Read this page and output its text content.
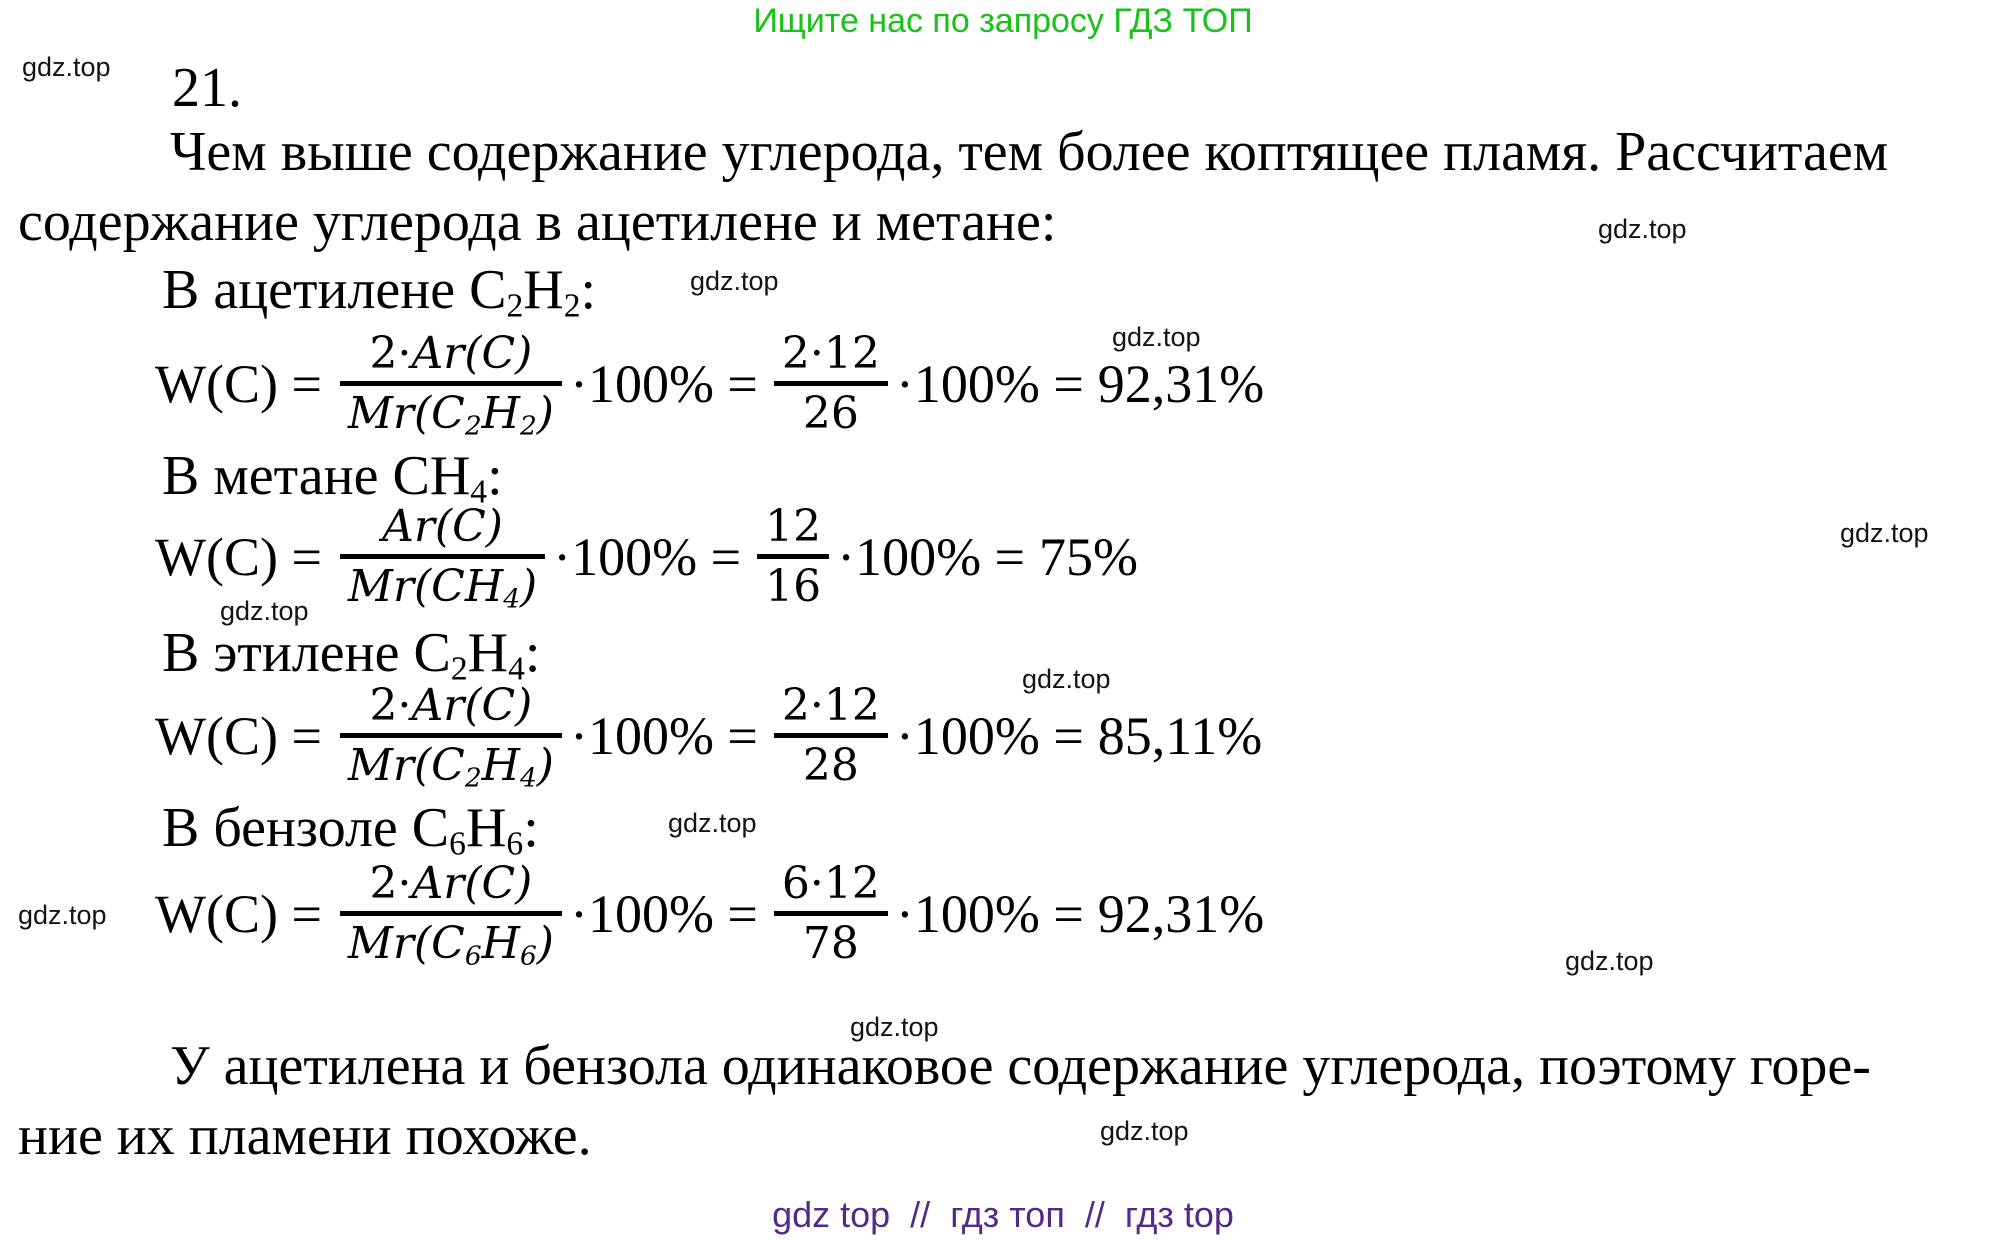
Ищите нас по запросу ГДЗ ТОП
gdz.top
gdz.top
gdz.top
gdz.top
gdz.top
gdz.top
gdz.top
gdz.top
gdz.top
gdz.top
gdz.top
gdz.top
21.
Чем выше содержание углерода, тем более коптящее пламя. Рассчитаем
содержание углерода в ацетилене и метане:
В ацетилене $C_2H_2$:
W(C) =
2·Ar(C)
$Mr(C_2H_2) \cdot 100\%$ =
2·12
26 ·100% = 92,31%
В метане $CH_4$:
W(C) =
Ar(C)
$Mr(CH_4) \cdot 100\%$ =
12
16 ·100% = 75%
В этилене $C_2H_4$:
W(C) =
2·Ar(C)
$Mr(C_2H_4) \cdot 100\%$ =
2·12
28 ·100% = 85,11%
В бензоле $C_6H_6$:
W(C) =
2·Ar(C)
$Mr(C_6H_6) \cdot 100\%$ =
6·12
78 ·100% = 92,31%
У ацетилена и бензола одинаковое содержание углерода, поэтому горе-
ние их пламени похоже.
gdz top // гдз топ // гдз top
